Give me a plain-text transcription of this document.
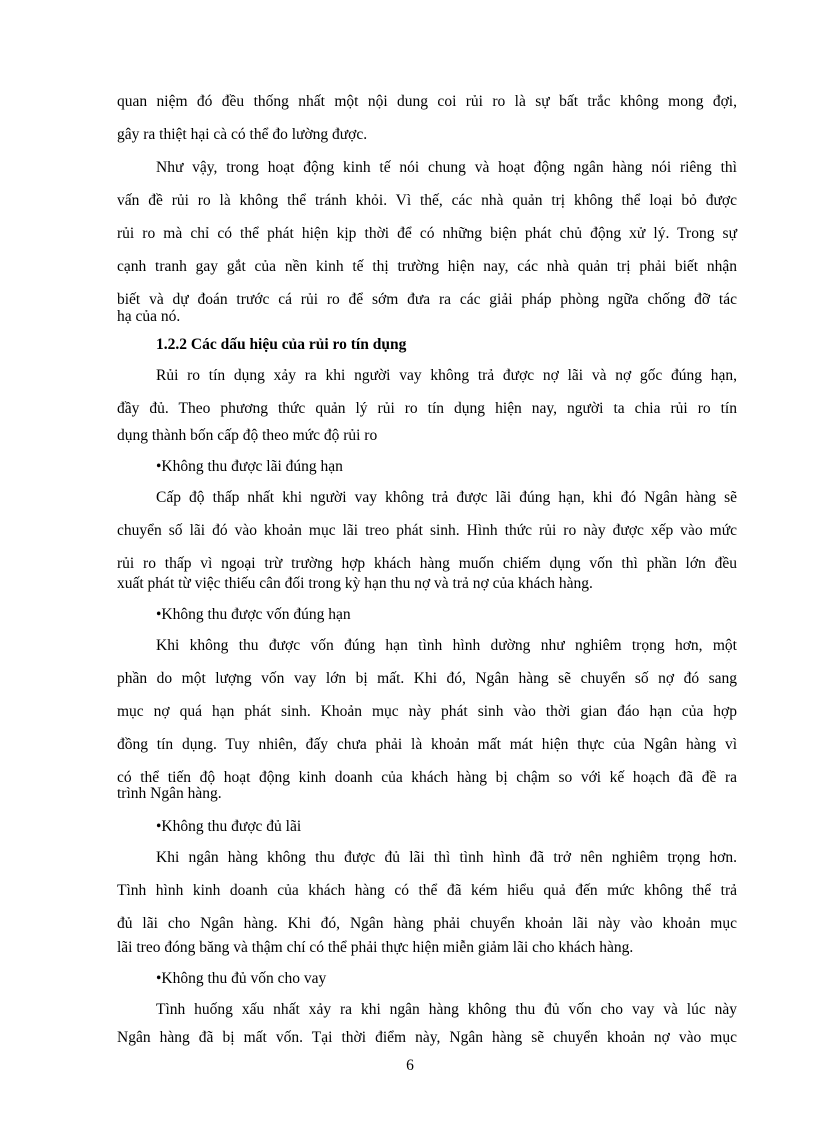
quan niệm đó đều thống nhất một nội dung coi rủi ro là sự bất trắc không mong đợi,
gây ra thiệt hại cà có thể đo lường được.
Như vậy, trong hoạt động kinh tế nói chung và hoạt động ngân hàng nói riêng thì
vấn đề rủi ro là không thể tránh khỏi. Vì thế, các nhà quản trị không thể loại bỏ được
rủi ro mà chỉ có thể phát hiện kịp thời để có những biện phát chủ động xử lý. Trong sự
cạnh tranh gay gắt của nền kinh tế thị trường hiện nay, các nhà quản trị phải biết nhận
biết và dự đoán trước cá rủi ro để sớm đưa ra các giải pháp phòng ngữa chống đỡ tác
hạ của nó.
1.2.2 Các dấu hiệu của rủi ro tín dụng
Rủi ro tín dụng xảy ra khi người vay không trả được nợ lãi và nợ gốc đúng hạn,
đầy đủ. Theo phương thức quản lý rủi ro tín dụng hiện nay, người ta chia rủi ro tín
dụng thành bốn cấp độ theo mức độ rủi ro
•Không thu được lãi đúng hạn
Cấp độ thấp nhất khi người vay không trả được lãi đúng hạn, khi đó Ngân hàng sẽ
chuyển số lãi đó vào khoản mục lãi treo phát sinh. Hình thức rủi ro này được xếp vào mức
rủi ro thấp vì ngoại trừ trường hợp khách hàng muốn chiếm dụng vốn thì phần lớn đều
xuất phát từ việc thiếu cân đối trong kỳ hạn thu nợ và trả nợ của khách hàng.
•Không thu được vốn đúng hạn
Khi không thu được vốn đúng hạn tình hình dường như nghiêm trọng hơn, một
phần do một lượng vốn vay lớn bị mất. Khi đó, Ngân hàng sẽ chuyển số nợ đó sang
mục nợ quá hạn phát sinh. Khoản mục này phát sinh vào thời gian đáo hạn của hợp
đồng tín dụng. Tuy nhiên, đấy chưa phải là khoản mất mát hiện thực của Ngân hàng vì
có thể tiến độ hoạt động kinh doanh của khách hàng bị chậm so với kế hoạch đã đề ra
trình Ngân hàng.
•Không thu được đủ lãi
Khi ngân hàng không thu được đủ lãi thì tình hình đã trở nên nghiêm trọng hơn.
Tình hình kinh doanh của khách hàng có thể đã kém hiểu quả đến mức không thể trả
đủ lãi cho Ngân hàng. Khi đó, Ngân hàng phải chuyển khoản lãi này vào khoản mục
lãi treo đóng băng và thậm chí có thể phải thực hiện miễn giảm lãi cho khách hàng.
•Không thu đủ vốn cho vay
Tình huống xấu nhất xảy ra khi ngân hàng không thu đủ vốn cho vay và lúc này
Ngân hàng đã bị mất vốn. Tại thời điểm này, Ngân hàng sẽ chuyển khoản nợ vào mục
6
